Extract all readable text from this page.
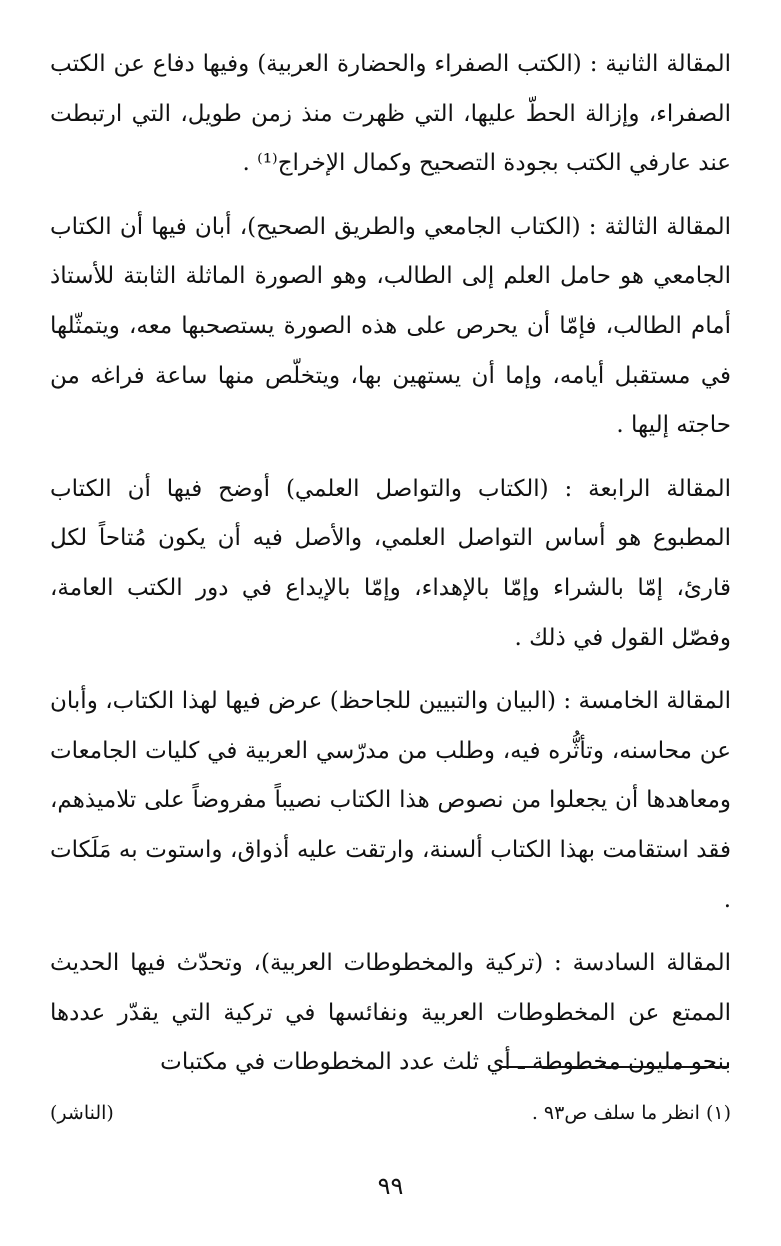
المقالة الثانية : (الكتب الصفراء والحضارة العربية) وفيها دفاع عن الكتب الصفراء، وإزالة الحطّ عليها، التي ظهرت منذ زمن طويل، التي ارتبطت عند عارفي الكتب بجودة التصحيح وكمال الإخراج⁽¹⁾ .

المقالة الثالثة : (الكتاب الجامعي والطريق الصحيح)، أبان فيها أن الكتاب الجامعي هو حامل العلم إلى الطالب، وهو الصورة الماثلة الثابتة للأستاذ أمام الطالب، فإمّا أن يحرص على هذه الصورة يستصحبها معه، ويتمثّلها في مستقبل أيامه، وإما أن يستهين بها، ويتخلّص منها ساعة فراغه من حاجته إليها .

المقالة الرابعة : (الكتاب والتواصل العلمي) أوضح فيها أن الكتاب المطبوع هو أساس التواصل العلمي، والأصل فيه أن يكون مُتاحاً لكل قارئ، إمّا بالشراء وإمّا بالإهداء، وإمّا بالإيداع في دور الكتب العامة، وفصّل القول في ذلك .

المقالة الخامسة : (البيان والتبيين للجاحظ) عرض فيها لهذا الكتاب، وأبان عن محاسنه، وتأثُّره فيه، وطلب من مدرّسي العربية في كليات الجامعات ومعاهدها أن يجعلوا من نصوص هذا الكتاب نصيباً مفروضاً على تلاميذهم، فقد استقامت بهذا الكتاب ألسنة، وارتقت عليه أذواق، واستوت به مَلَكات .

المقالة السادسة : (تركية والمخطوطات العربية)، وتحدّث فيها الحديث الممتع عن المخطوطات العربية ونفائسها في تركية التي يقدّر عددها بنحو مليون مخطوطة ـ أي ثلث عدد المخطوطات في مكتبات

(١) انظر ما سلف ص٩٣ .
(الناشر)
٩٩
